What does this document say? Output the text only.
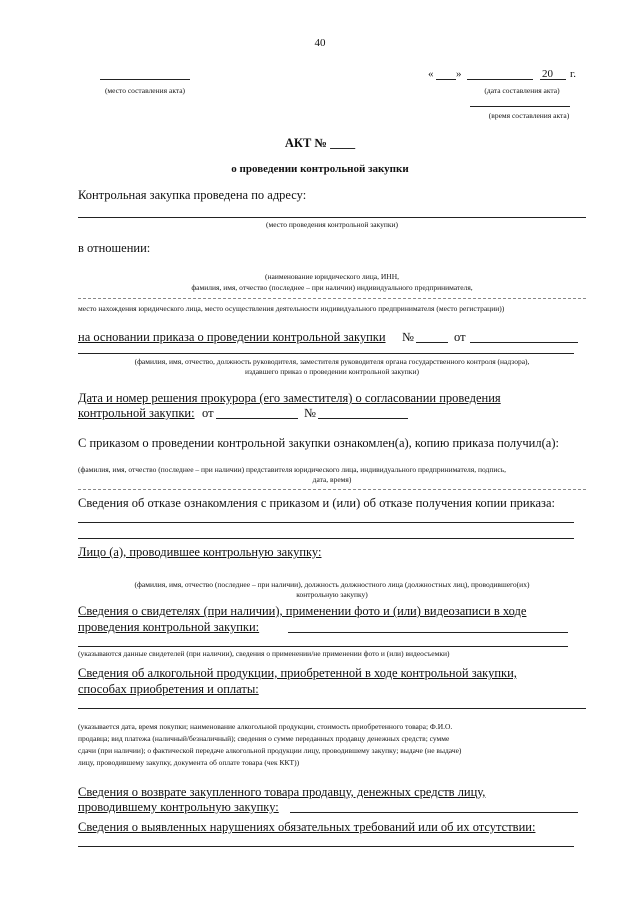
40
(место составления акта)
« »	20 г.
(дата составления акта)
(время составления акта)
АКТ № ____
о проведении контрольной закупки
Контрольная закупка проведена по адресу:
(место проведения контрольной закупки)
в отношении:
(наименование юридического лица, ИНН,
фамилия, имя, отчество (последнее – при наличии) индивидуального предпринимателя,
место нахождения юридического лица, место осуществления деятельности индивидуального предпринимателя (место регистрации))
на основании приказа о проведении контрольной закупки №	от
(фамилия, имя, отчество, должность руководителя, заместителя руководителя органа государственного контроля (надзора),
издавшего приказ о проведении контрольной закупки)
Дата и номер решения прокурора (его заместителя) о согласовании проведения
контрольной закупки: от	№
С приказом о проведении контрольной закупки ознакомлен(а), копию приказа получил(а):
(фамилия, имя, отчество (последнее – при наличии) представителя юридического лица, индивидуального предпринимателя, подпись,
дата, время)
Сведения об отказе ознакомления с приказом и (или) об отказе получения копии приказа:
Лицо (а), проводившее контрольную закупку:
(фамилия, имя, отчество (последнее – при наличии), должность должностного лица (должностных лиц), проводившего(их)
контрольную закупку)
Сведения о свидетелях (при наличии), применении фото и (или) видеозаписи в ходе
проведения контрольной закупки:
(указываются данные свидетелей (при наличии), сведения о применении/не применении фото и (или) видеосъемки)
Сведения об алкогольной продукции, приобретенной в ходе контрольной закупки,
способах приобретения и оплаты:
(указывается дата, время покупки; наименование алкогольной продукции, стоимость приобретенного товара; Ф.И.О.
продавца; вид платежа (наличный/безналичный); сведения о сумме переданных продавцу денежных средств; сумме
сдачи (при наличии); о фактической передаче алкогольной продукции лицу, проводившему закупку; выдаче (не выдаче)
лицу, проводившему закупку, документа об оплате товара (чек ККТ))
Сведения о возврате закупленного товара продавцу, денежных средств лицу,
проводившему контрольную закупку:
Сведения о выявленных нарушениях обязательных требований или об их отсутствии:
